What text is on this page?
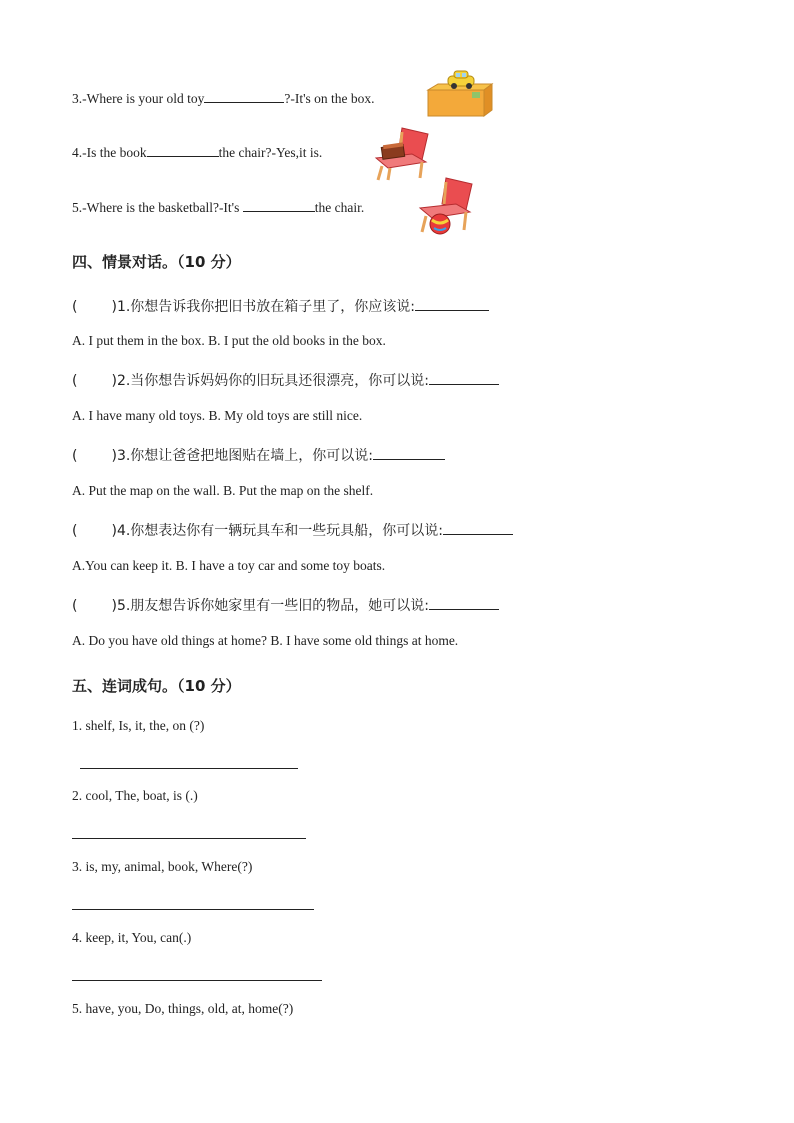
3.-Where is your old toy	?-It's on the box.
4.-Is the book	the chair?-Yes,it is.
5.-Where is the basketball?-It's	the chair.
四、情景对话。（10 分）
( )1.你想告诉我你把旧书放在箱子里了，你应该说:
A. I put them in the box. B. I put the old books in the box.
( )2.当你想告诉妈妈你的旧玩具还很漂亮，你可以说:
A. I have many old toys. B. My old toys are still nice.
( )3.你想让爸爸把地图贴在墙上，你可以说:
A. Put the map on the wall. B. Put the map on the shelf.
( )4.你想表达你有一辆玩具车和一些玩具船，你可以说:
A.You can keep it. B. I have a toy car and some toy boats.
( )5.朋友想告诉你她家里有一些旧的物品，她可以说:
A. Do you have old things at home? B. I have some old things at home.
五、连词成句。（10 分）
1. shelf, Is, it, the, on (?)
2. cool, The, boat, is (.)
3. is, my, animal, book, Where(?)
4. keep, it, You, can(.)
5. have, you, Do, things, old, at, home(?)
